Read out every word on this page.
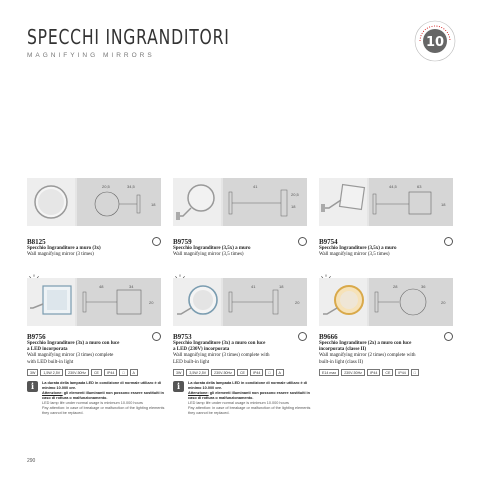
SPECCHI INGRANDITORI
MAGNIFYING MIRRORS
10
20,5	34,5
18
B8125
Specchio Ingranditore a muro (3x)
Wall magnifying mirror (3 times)
41
20,5
18
B9759
Specchio Ingranditore (3,5x) a muro
Wall magnifying mirror (3,5 times)
44,5	63
18
B9754
Specchio Ingranditore (3,5x) a muro
Wall magnifying mirror (3,5 times)
48	34
20
B9756
Specchio Ingranditore (3x) a muro con luce
a LED incorporata
Wall magnifying mirror (3 times) complete
with LED built-in light
3W	1,5W 2,5V	230V-50Hz	CE	IP44	□	A
41	18
20
B9753
Specchio Ingranditore (3x) a muro con luce
a LED (230V) incorporata
Wall magnifying mirror (3 times) complete with
LED built-in light
3W	3,5W 2,5V	230V-50Hz	CE	IP44	□	A
28	36
20
B9666
Specchio Ingranditore (2x) a muro con luce
incorporata (classe II)
Wall magnifying mirror (2 times) complete with
built-in light (class II)
E14 max	230V-50Hz	IP44	CE	IP44	□
i	La durata della lampada LED in condizione di normale utilizzo è di minimo 10.000 ore.
Attenzione: gli elementi illuminanti non possono essere sostituiti in caso di rottura o malfunzionamento.
LED lamp life under normal usage is minimum 10.000 hours
Pay attention: in case of breakage or malfunction of the lighting elements they cannot be replaced.
i	La durata della lampada LED in condizione di normale utilizzo è di minimo 10.000 ore.
Attenzione: gli elementi illuminanti non possono essere sostituiti in caso di rottura o malfunzionamento.
LED lamp life under normal usage is minimum 10.000 hours
Pay attention: in case of breakage or malfunction of the lighting elements they cannot be replaced.
290
